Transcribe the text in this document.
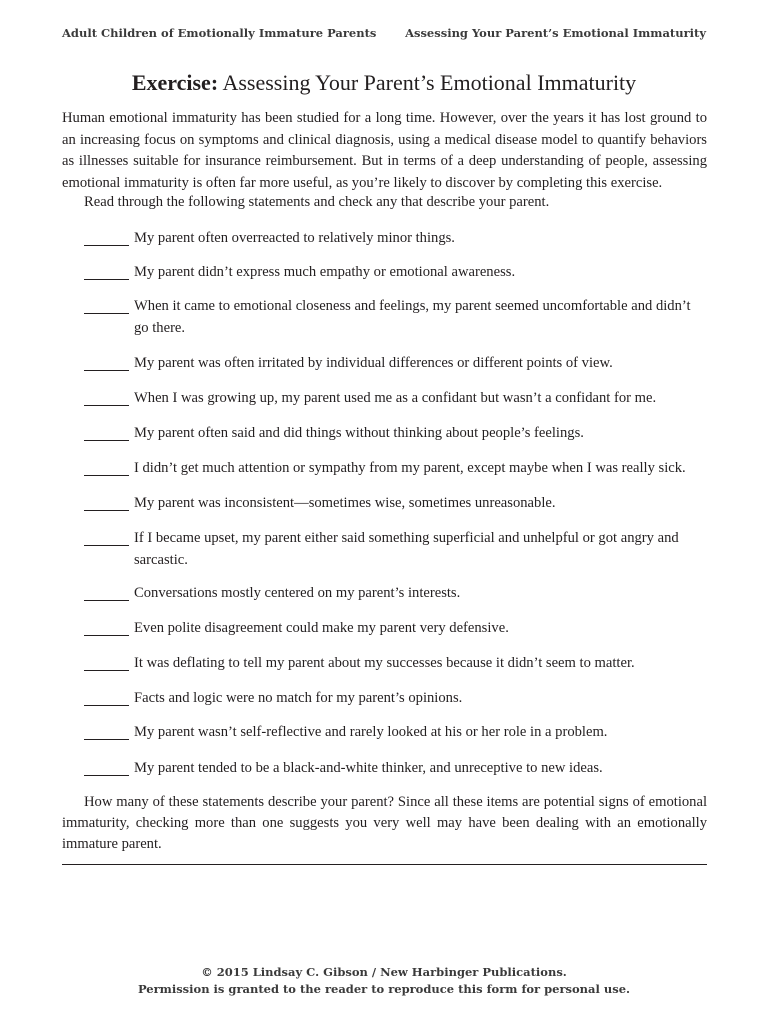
Adult Children of Emotionally Immature Parents Assessing Your Parent’s Emotional Immaturity
Exercise: Assessing Your Parent’s Emotional Immaturity

Human emotional immaturity has been studied for a long time. However, over the years it has lost ground to an increasing focus on symptoms and clinical diagnosis, using a medical disease model to quantify behaviors as illnesses suitable for insurance reimbursement. But in terms of a deep understanding of people, assessing emotional immaturity is often far more useful, as you’re likely to discover by completing this exercise.

Read through the following statements and check any that describe your parent.

My parent often overreacted to relatively minor things.
My parent didn’t express much empathy or emotional awareness.
When it came to emotional closeness and feelings, my parent seemed uncomfortable and didn’t go there.
My parent was often irritated by individual differences or different points of view.
When I was growing up, my parent used me as a confidant but wasn’t a confidant for me.
My parent often said and did things without thinking about people’s feelings.
I didn’t get much attention or sympathy from my parent, except maybe when I was really sick.
My parent was inconsistent—sometimes wise, sometimes unreasonable.
If I became upset, my parent either said something superficial and unhelpful or got angry and sarcastic.
Conversations mostly centered on my parent’s interests.
Even polite disagreement could make my parent very defensive.
It was deflating to tell my parent about my successes because it didn’t seem to matter.
Facts and logic were no match for my parent’s opinions.
My parent wasn’t self-reflective and rarely looked at his or her role in a problem.
My parent tended to be a black-and-white thinker, and unreceptive to new ideas.

How many of these statements describe your parent? Since all these items are potential signs of emotional immaturity, checking more than one suggests you very well may have been dealing with an emotionally immature parent.

© 2015 Lindsay C. Gibson / New Harbinger Publications.
Permission is granted to the reader to reproduce this form for personal use.
